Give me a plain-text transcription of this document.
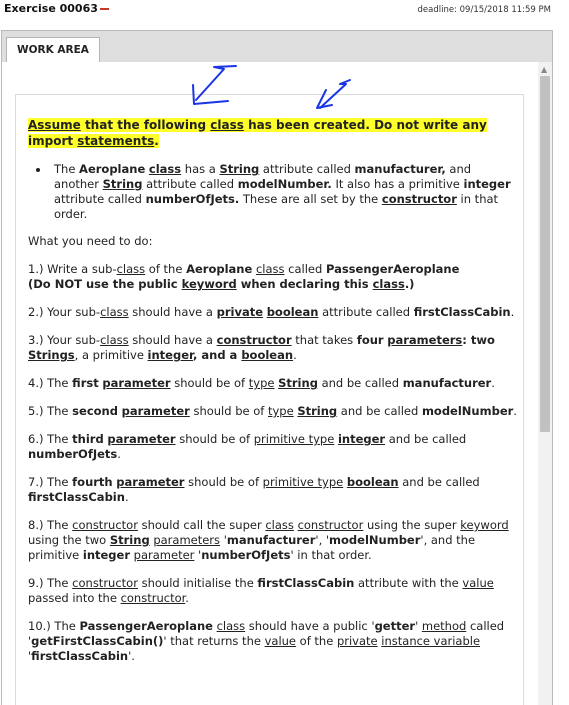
Exercise 00063	deadline: 09/15/2018 11:59 PM
WORK AREA

Assume that the following class has been created. Do not write any import statements.

• The Aeroplane class has a String attribute called manufacturer, and another String attribute called modelNumber. It also has a primitive integer attribute called numberOfJets. These are all set by the constructor in that order.

What you need to do:

1.) Write a sub-class of the Aeroplane class called PassengerAeroplane
(Do NOT use the public keyword when declaring this class.)

2.) Your sub-class should have a private boolean attribute called firstClassCabin.

3.) Your sub-class should have a constructor that takes four parameters: two Strings, a primitive integer, and a boolean.

4.) The first parameter should be of type String and be called manufacturer.

5.) The second parameter should be of type String and be called modelNumber.

6.) The third parameter should be of primitive type integer and be called numberOfJets.

7.) The fourth parameter should be of primitive type boolean and be called firstClassCabin.

8.) The constructor should call the super class constructor using the super keyword using the two String parameters 'manufacturer', 'modelNumber', and the primitive integer parameter 'numberOfJets' in that order.

9.) The constructor should initialise the firstClassCabin attribute with the value passed into the constructor.

10.) The PassengerAeroplane class should have a public 'getter' method called 'getFirstClassCabin()' that returns the value of the private instance variable 'firstClassCabin'.

▲
